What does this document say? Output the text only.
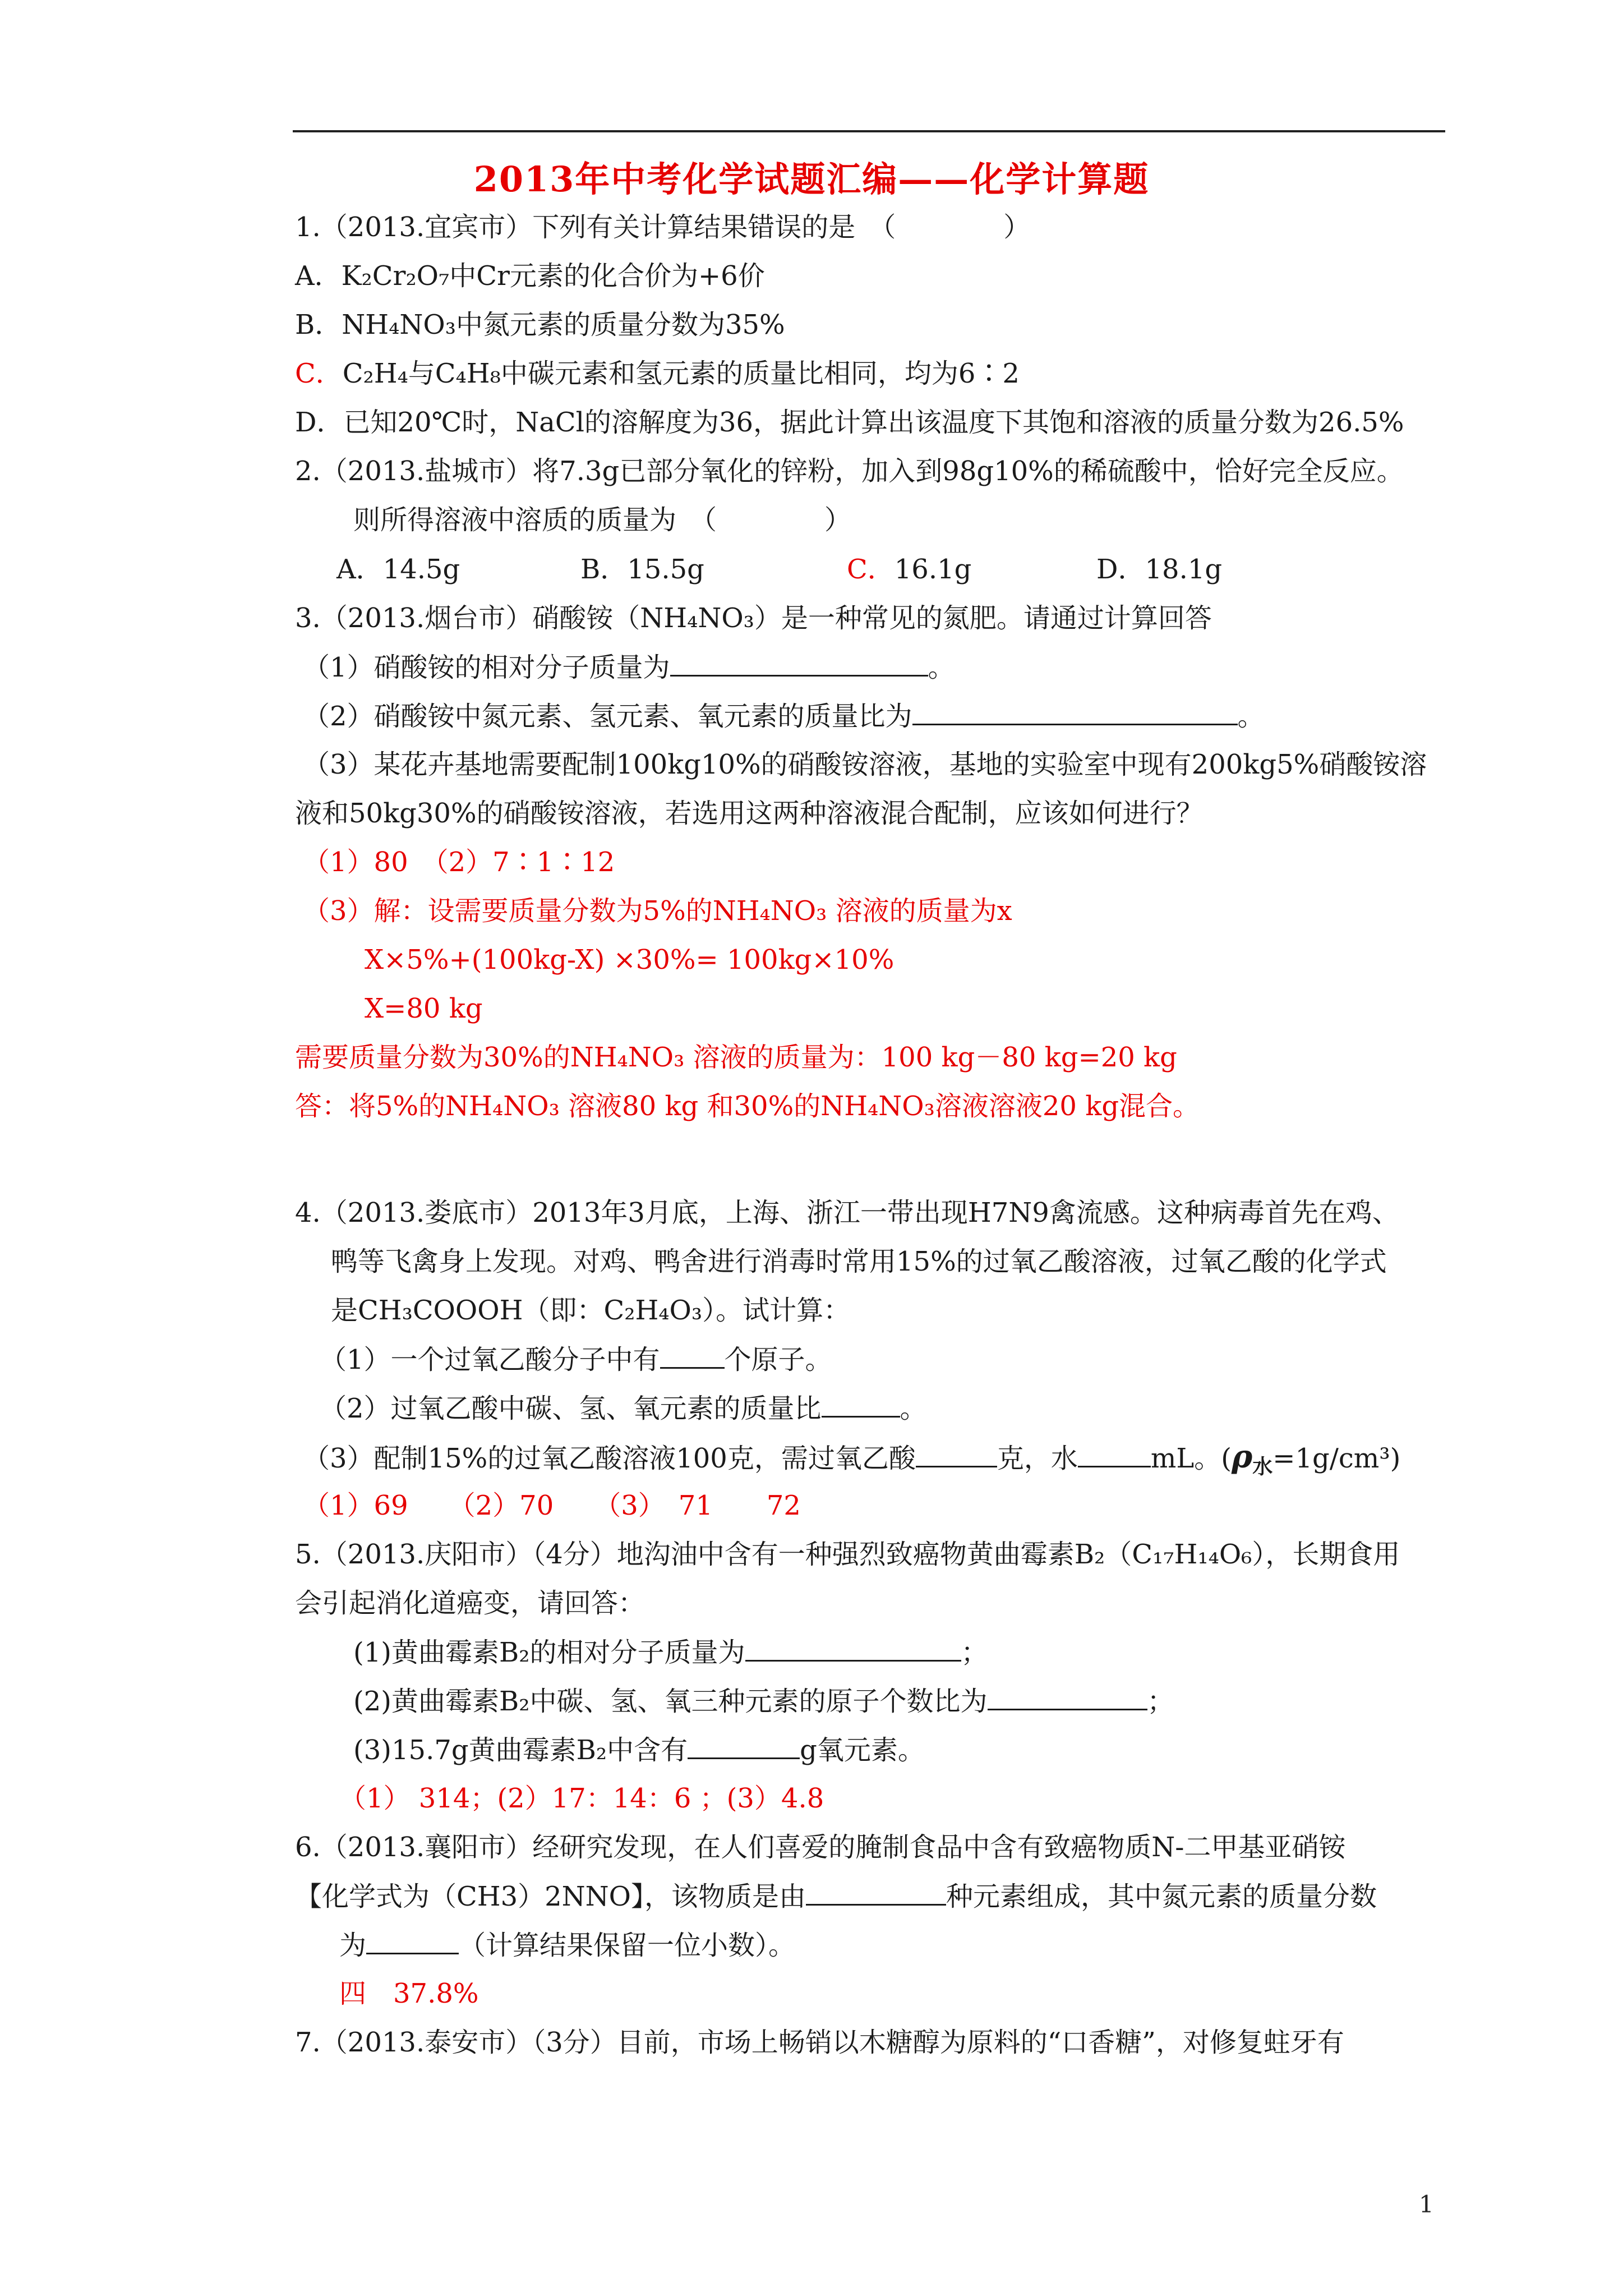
2013年中考化学试题汇编——化学计算题
1.（2013.宜宾市）下列有关计算结果错误的是　（　　　　）
A．K₂Cr₂O₇中Cr元素的化合价为+6价
B．NH₄NO₃中氮元素的质量分数为35%
C．C₂H₄与C₄H₈中碳元素和氢元素的质量比相同，均为6∶2
D．已知20℃时，NaCl的溶解度为36，据此计算出该温度下其饱和溶液的质量分数为26.5%
2.（2013.盐城市）将7.3g已部分氧化的锌粉，加入到98g10%的稀硫酸中，恰好完全反应。
则所得溶液中溶质的质量为　（　　　　）
A．14.5g	B．15.5g	C．16.1g	D．18.1g
3.（2013.烟台市）硝酸铵（NH₄NO₃）是一种常见的氮肥。请通过计算回答
（1）硝酸铵的相对分子质量为	。
（2）硝酸铵中氮元素、氢元素、氧元素的质量比为	。
（3）某花卉基地需要配制100kg10%的硝酸铵溶液，基地的实验室中现有200kg5%硝酸铵溶
液和50kg30%的硝酸铵溶液，若选用这两种溶液混合配制，应该如何进行？
（1）80　（2）7∶1∶12
（3）解：设需要质量分数为5%的NH₄NO₃ 溶液的质量为x
X×5%+(100kg-X) ×30%= 100kg×10%
X=80 kg
需要质量分数为30%的NH₄NO₃ 溶液的质量为：100 kg－80 kg=20 kg
答：将5%的NH₄NO₃ 溶液80 kg 和30%的NH₄NO₃溶液溶液20 kg混合。
4.（2013.娄底市）2013年3月底，上海、浙江一带出现H7N9禽流感。这种病毒首先在鸡、
鸭等飞禽身上发现。对鸡、鸭舍进行消毒时常用15%的过氧乙酸溶液，过氧乙酸的化学式
是CH₃COOOH（即：C₂H₄O₃）。试计算：
（1）一个过氧乙酸分子中有 个原子。
（2）过氧乙酸中碳、氢、氧元素的质量比	。
（3）配制15%的过氧乙酸溶液100克，需过氧乙酸	克，水	mL。$(\rho_水=1g/cm^3)$
（1）69　　（2）70　　（3）　71　　72
5.（2013.庆阳市）（4分）地沟油中含有一种强烈致癌物黄曲霉素B₂（C₁₇H₁₄O₆），长期食用
会引起消化道癌变，请回答：
(1)黄曲霉素B₂的相对分子质量为	；
(2)黄曲霉素B₂中碳、氢、氧三种元素的原子个数比为	；
(3)15.7g黄曲霉素B₂中含有	g氧元素。
（1） 314；(2）17：14：6 ；(3）4.8
6.（2013.襄阳市）经研究发现，在人们喜爱的腌制食品中含有致癌物质N-二甲基亚硝铵
【化学式为（CH3）2NNO】，该物质是由	种元素组成，其中氮元素的质量分数
为	（计算结果保留一位小数）。
四　37.8%
7.（2013.泰安市）（3分）目前，市场上畅销以木糖醇为原料的“口香糖”，对修复蛀牙有
1
